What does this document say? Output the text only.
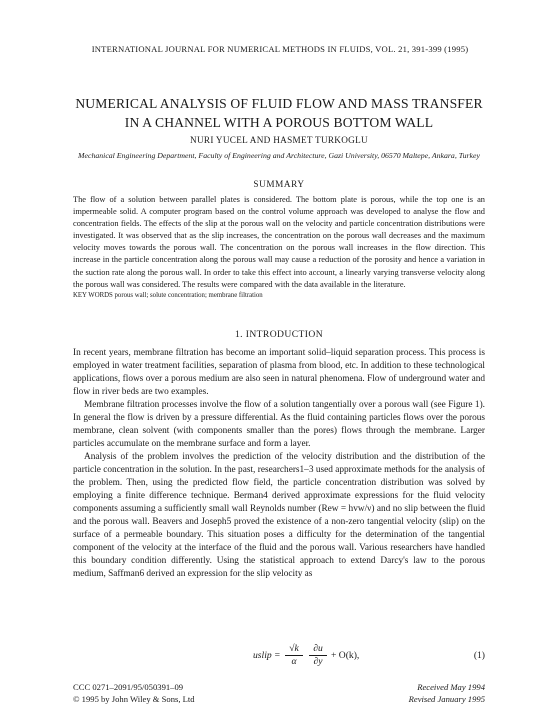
INTERNATIONAL JOURNAL FOR NUMERICAL METHODS IN FLUIDS, VOL. 21, 391-399 (1995)
NUMERICAL ANALYSIS OF FLUID FLOW AND MASS TRANSFER
IN A CHANNEL WITH A POROUS BOTTOM WALL
NURI YUCEL AND HASMET TURKOGLU
Mechanical Engineering Department, Faculty of Engineering and Architecture, Gazi University, 06570 Maltepe, Ankara, Turkey
SUMMARY

The flow of a solution between parallel plates is considered. The bottom plate is porous, while the top one is an impermeable solid. A computer program based on the control volume approach was developed to analyse the flow and concentration fields. The effects of the slip at the porous wall on the velocity and particle concentration distributions were investigated. It was observed that as the slip increases, the concentration on the porous wall decreases and the maximum velocity moves towards the porous wall. The concentration on the porous wall increases in the flow direction. This increase in the particle concentration along the porous wall may cause a reduction of the porosity and hence a variation in the suction rate along the porous wall. In order to take this effect into account, a linearly varying transverse velocity along the porous wall was considered. The results were compared with the data available in the literature.

KEY WORDS porous wall; solute concentration; membrane filtration

1. INTRODUCTION

In recent years, membrane filtration has become an important solid–liquid separation process. This process is employed in water treatment facilities, separation of plasma from blood, etc. In addition to these technological applications, flows over a porous medium are also seen in natural phenomena. Flow of underground water and flow in river beds are two examples.

Membrane filtration processes involve the flow of a solution tangentially over a porous wall (see Figure 1). In general the flow is driven by a pressure differential. As the fluid containing particles flows over the porous membrane, clean solvent (with components smaller than the pores) flows through the membrane. Larger particles accumulate on the membrane surface and form a layer.

Analysis of the problem involves the prediction of the velocity distribution and the distribution of the particle concentration in the solution. In the past, researchers1–3 used approximate methods for the analysis of the problem. Then, using the predicted flow field, the particle concentration distribution was solved by employing a finite difference technique. Berman4 derived approximate expressions for the fluid velocity components assuming a sufficiently small wall Reynolds number (Rew = hvw/ν) and no slip between the fluid and the porous wall. Beavers and Joseph5 proved the existence of a non-zero tangential velocity (slip) on the surface of a permeable boundary. This situation poses a difficulty for the determination of the tangential component of the velocity at the interface of the fluid and the porous wall. Various researchers have handled this boundary condition differently. Using the statistical approach to extend Darcy's law to the porous medium, Saffman6 derived an expression for the slip velocity as

uslip = $\frac{√k}{\alpha} \frac{\partial u}{\partial y} + O(k)$,	(1)
CCC 0271–2091/95/050391–09
© 1995 by John Wiley & Sons, Ltd
Received May 1994
Revised January 1995
